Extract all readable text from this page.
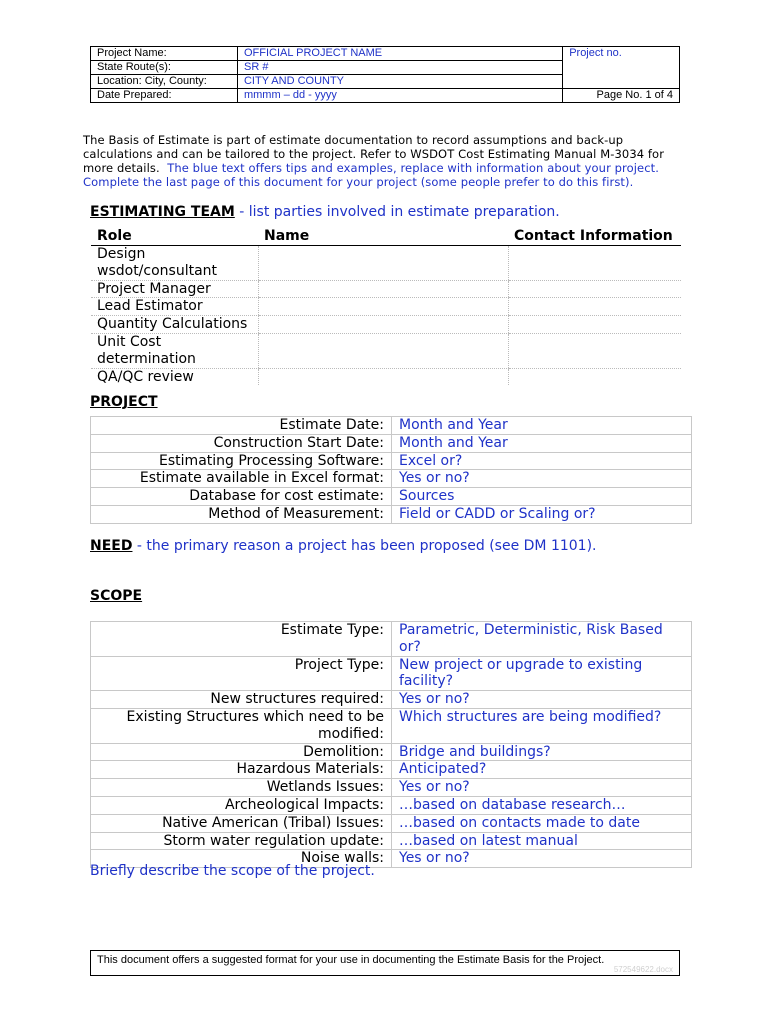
Project Name:	OFFICIAL PROJECT NAME	Project no.
State Route(s):	SR #	
Location: City, County:	CITY AND COUNTY	
Date Prepared:	mmmm – dd - yyyy	Page No. 1 of 4
The Basis of Estimate is part of estimate documentation to record assumptions and back-up calculations and can be tailored to the project. Refer to WSDOT Cost Estimating Manual M-3034 for more details. The blue text offers tips and examples, replace with information about your project. Complete the last page of this document for your project (some people prefer to do this first).
ESTIMATING TEAM - list parties involved in estimate preparation.
Role	Name	Contact Information
Design wsdot/consultant		
Project Manager		
Lead Estimator		
Quantity Calculations		
Unit Cost determination		
QA/QC review		
PROJECT
Estimate Date:	Month and Year
Construction Start Date:	Month and Year
Estimating Processing Software:	Excel or?
Estimate available in Excel format:	Yes or no?
Database for cost estimate:	Sources
Method of Measurement:	Field or CADD or Scaling or?
NEED - the primary reason a project has been proposed (see DM 1101).
SCOPE
Estimate Type:	Parametric, Deterministic, Risk Based or?
Project Type:	New project or upgrade to existing facility?
New structures required:	Yes or no?
Existing Structures which need to be modified:	Which structures are being modified?
Demolition:	Bridge and buildings?
Hazardous Materials:	Anticipated?
Wetlands Issues:	Yes or no?
Archeological Impacts:	…based on database research…
Native American (Tribal) Issues:	…based on contacts made to date
Storm water regulation update:	…based on latest manual
Noise walls:	Yes or no?
Briefly describe the scope of the project.
This document offers a suggested format for your use in documenting the Estimate Basis for the Project.
572549622.docx
